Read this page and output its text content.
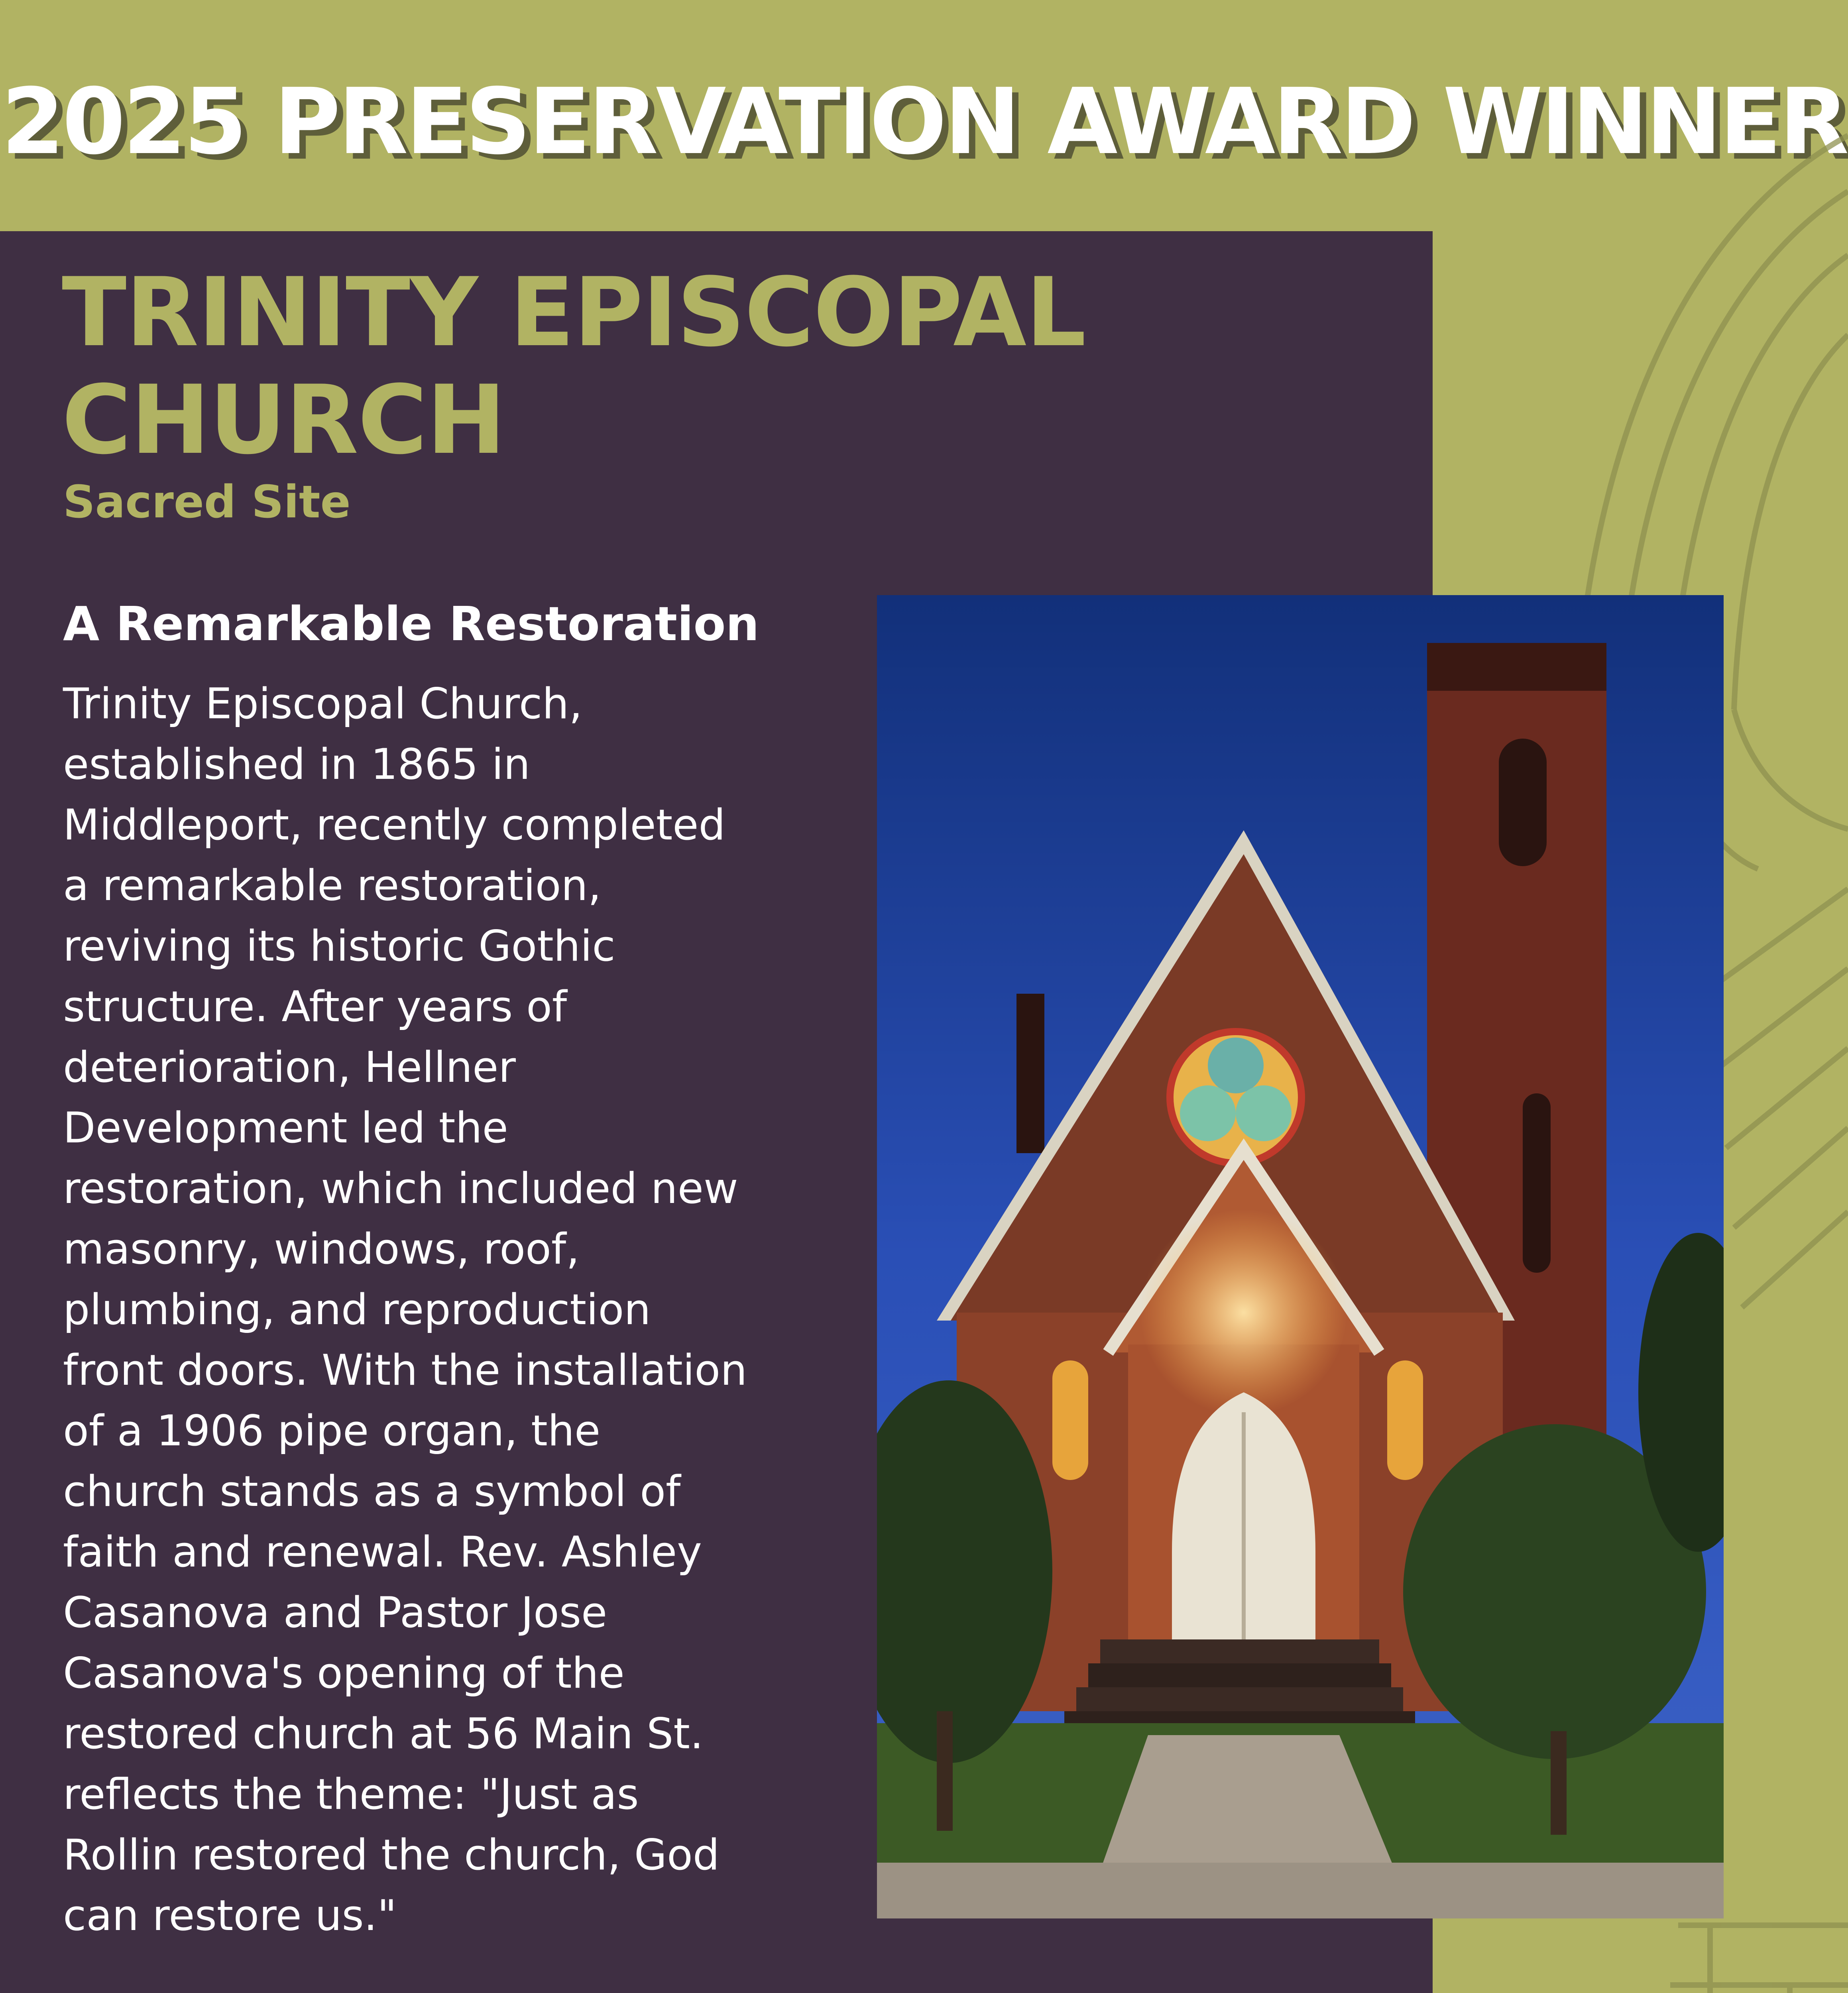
2025 PRESERVATION AWARD WINNER
TRINITY EPISCOPAL CHURCH
Sacred Site
A Remarkable Restoration
Trinity Episcopal Church, established in 1865 in Middleport, recently completed a remarkable restoration, reviving its historic Gothic structure. After years of deterioration, Hellner Development led the restoration, which included new masonry, windows, roof, plumbing, and reproduction front doors. With the installation of a 1906 pipe organ, the church stands as a symbol of faith and renewal. Rev. Ashley Casanova and Pastor Jose Casanova's opening of the restored church at 56 Main St. reflects the theme: "Just as Rollin restored the church, God can restore us."
